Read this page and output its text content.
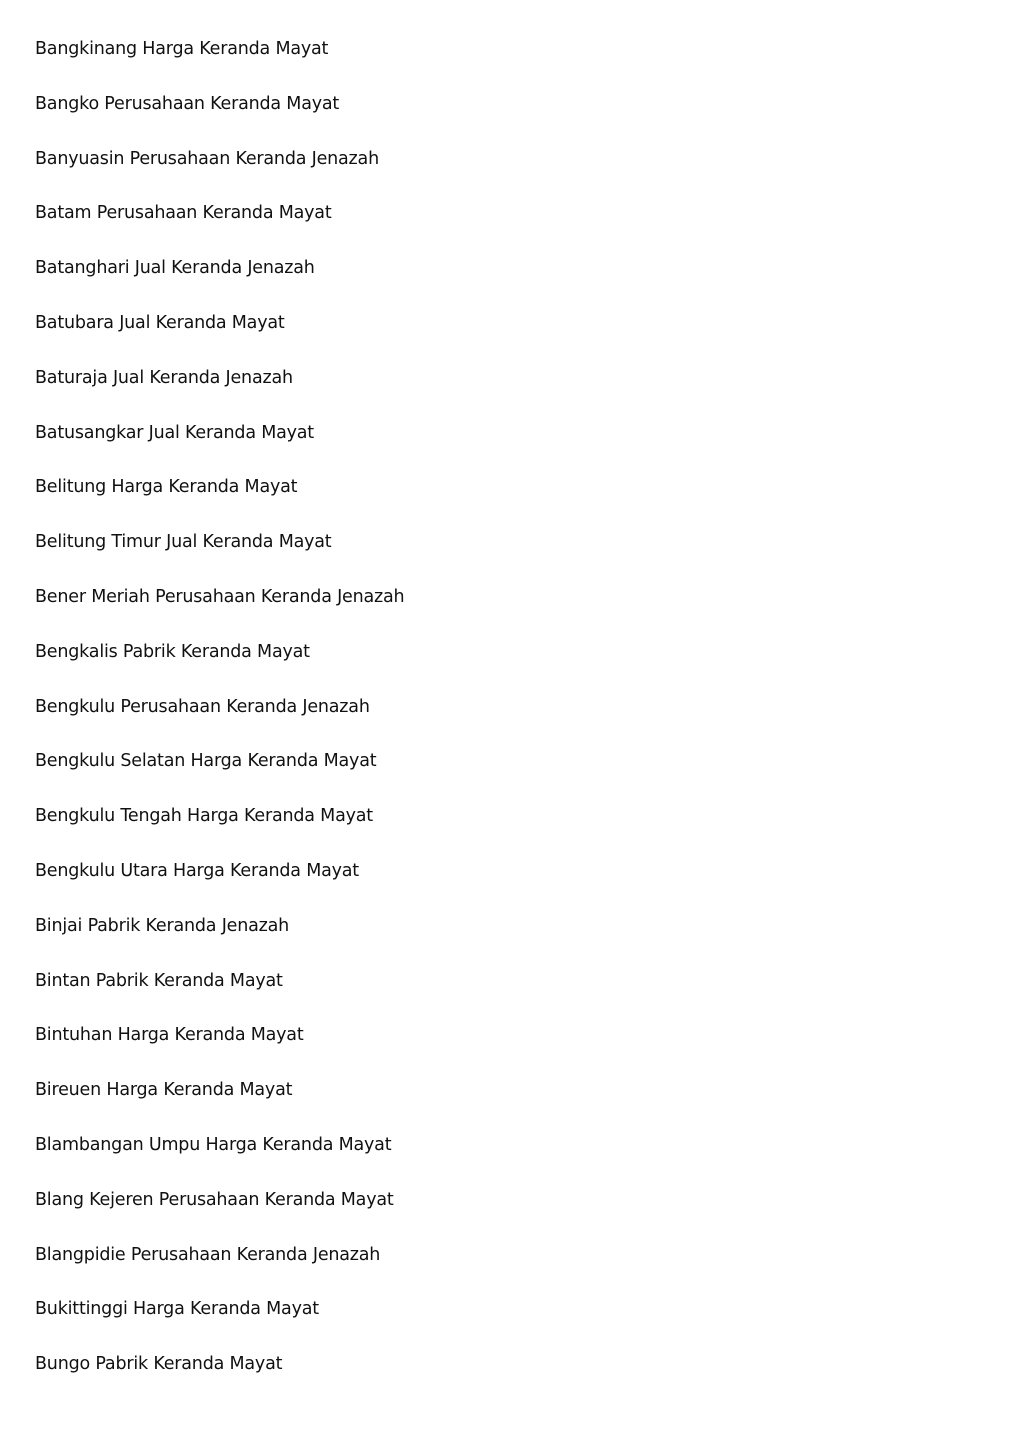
Bangkinang Harga Keranda Mayat
Bangko Perusahaan Keranda Mayat
Banyuasin Perusahaan Keranda Jenazah
Batam Perusahaan Keranda Mayat
Batanghari Jual Keranda Jenazah
Batubara Jual Keranda Mayat
Baturaja Jual Keranda Jenazah
Batusangkar Jual Keranda Mayat
Belitung Harga Keranda Mayat
Belitung Timur Jual Keranda Mayat
Bener Meriah Perusahaan Keranda Jenazah
Bengkalis Pabrik Keranda Mayat
Bengkulu Perusahaan Keranda Jenazah
Bengkulu Selatan Harga Keranda Mayat
Bengkulu Tengah Harga Keranda Mayat
Bengkulu Utara Harga Keranda Mayat
Binjai Pabrik Keranda Jenazah
Bintan Pabrik Keranda Mayat
Bintuhan Harga Keranda Mayat
Bireuen Harga Keranda Mayat
Blambangan Umpu Harga Keranda Mayat
Blang Kejeren Perusahaan Keranda Mayat
Blangpidie Perusahaan Keranda Jenazah
Bukittinggi Harga Keranda Mayat
Bungo Pabrik Keranda Mayat
